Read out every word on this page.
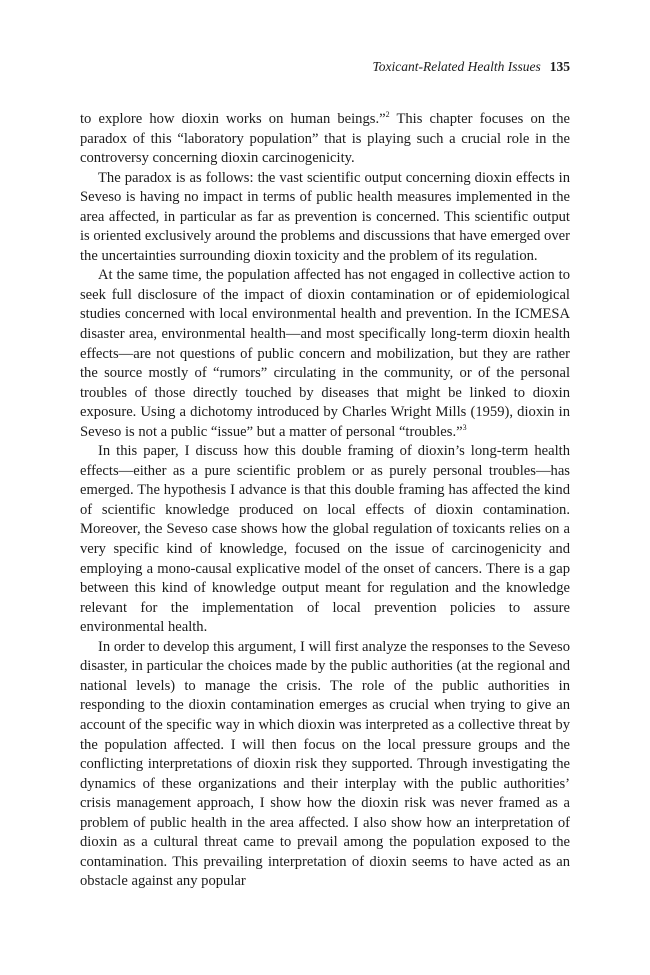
Toxicant-Related Health Issues 135

to explore how dioxin works on human beings.”$^2$ This chapter focuses on the paradox of this “laboratory population” that is playing such a crucial role in the controversy concerning dioxin carcinogenicity.

The paradox is as follows: the vast scientific output concerning dioxin effects in Seveso is having no impact in terms of public health measures implemented in the area affected, in particular as far as prevention is concerned. This scientific output is oriented exclusively around the problems and discussions that have emerged over the uncertainties surrounding dioxin toxicity and the problem of its regulation.

At the same time, the population affected has not engaged in collective action to seek full disclosure of the impact of dioxin contamination or of epidemiological studies concerned with local environmental health and prevention. In the ICMESA disaster area, environmental health—and most specifically long-term dioxin health effects—are not questions of public concern and mobilization, but they are rather the source mostly of “rumors” circulating in the community, or of the personal troubles of those directly touched by diseases that might be linked to dioxin exposure. Using a dichotomy introduced by Charles Wright Mills (1959), dioxin in Seveso is not a public “issue” but a matter of personal “troubles.”$^3$

In this paper, I discuss how this double framing of dioxin’s long-term health effects—either as a pure scientific problem or as purely personal troubles—has emerged. The hypothesis I advance is that this double framing has affected the kind of scientific knowledge produced on local effects of dioxin contamination. Moreover, the Seveso case shows how the global regulation of toxicants relies on a very specific kind of knowledge, focused on the issue of carcinogenicity and employing a mono-causal explicative model of the onset of cancers. There is a gap between this kind of knowledge output meant for regulation and the knowledge relevant for the implementation of local prevention policies to assure environmental health.

In order to develop this argument, I will first analyze the responses to the Seveso disaster, in particular the choices made by the public authorities (at the regional and national levels) to manage the crisis. The role of the public authorities in responding to the dioxin contamination emerges as crucial when trying to give an account of the specific way in which dioxin was interpreted as a collective threat by the population affected. I will then focus on the local pressure groups and the conflicting interpretations of dioxin risk they supported. Through investigating the dynamics of these organizations and their interplay with the public authorities’ crisis management approach, I show how the dioxin risk was never framed as a problem of public health in the area affected. I also show how an interpretation of dioxin as a cultural threat came to prevail among the population exposed to the contamination. This prevailing interpretation of dioxin seems to have acted as an obstacle against any popular
